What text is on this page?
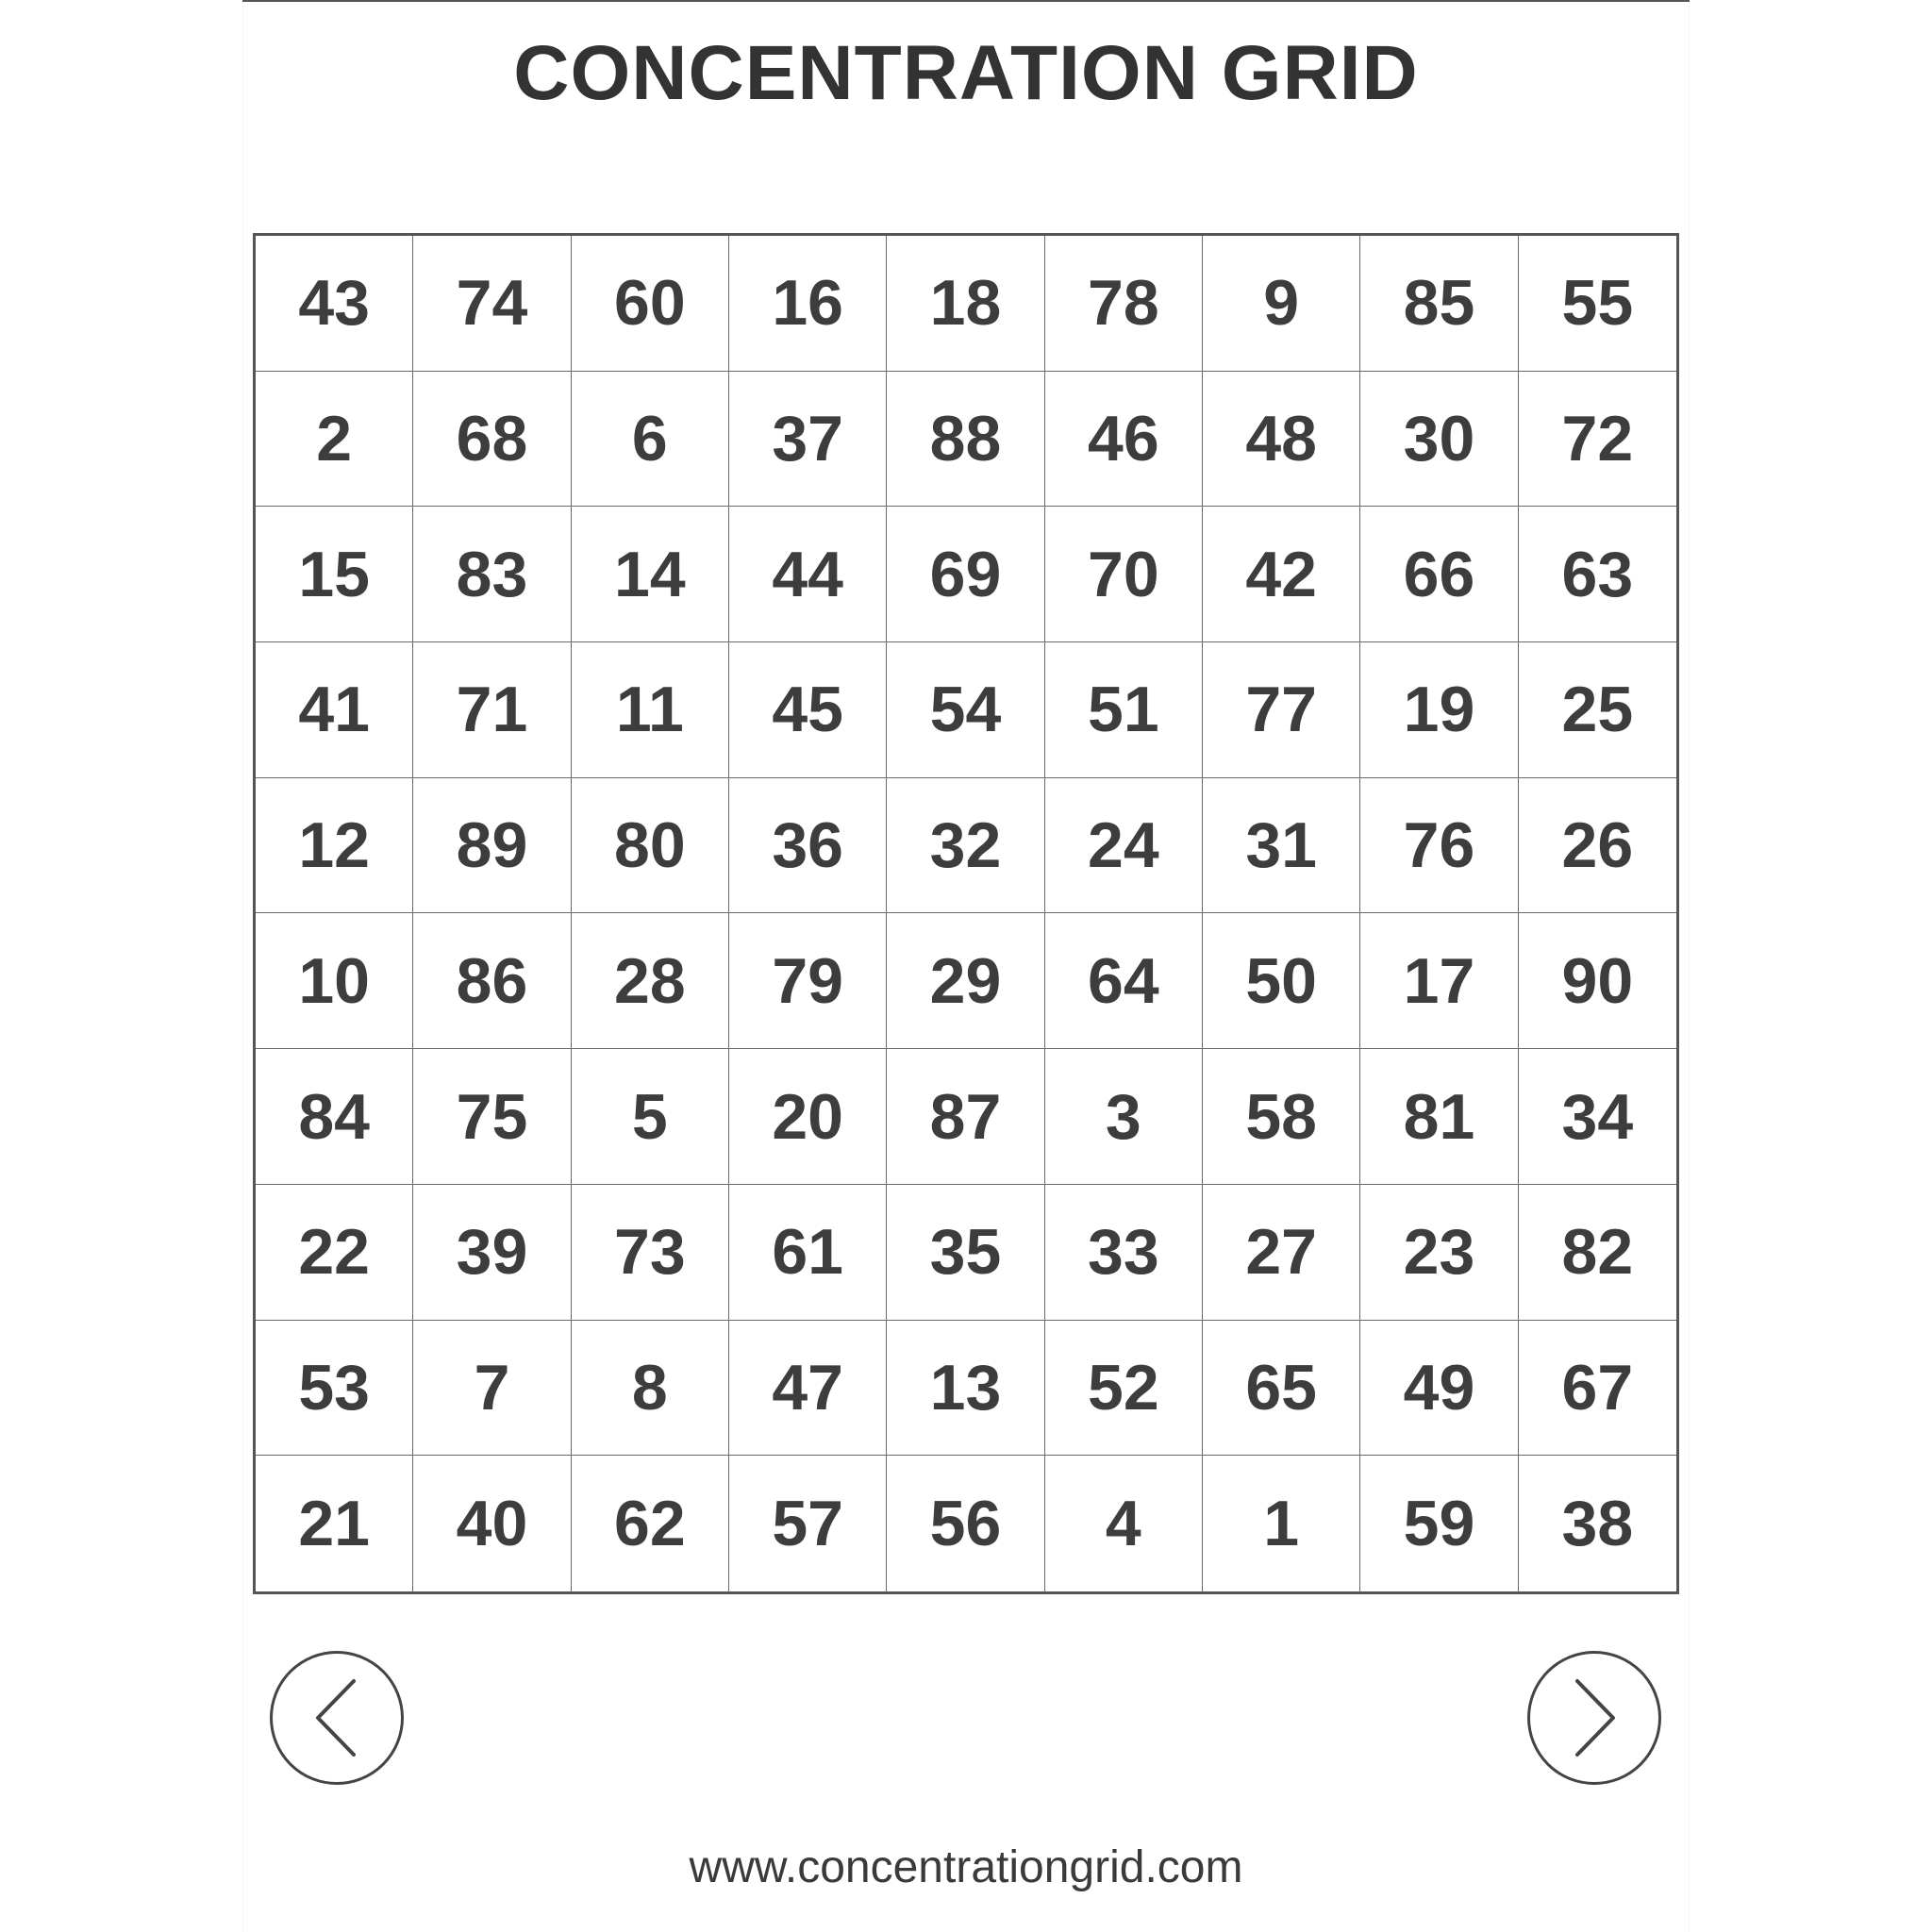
CONCENTRATION GRID
43	74	60	16	18	78	9	85	55
2	68	6	37	88	46	48	30	72
15	83	14	44	69	70	42	66	63
41	71	11	45	54	51	77	19	25
12	89	80	36	32	24	31	76	26
10	86	28	79	29	64	50	17	90
84	75	5	20	87	3	58	81	34
22	39	73	61	35	33	27	23	82
53	7	8	47	13	52	65	49	67
21	40	62	57	56	4	1	59	38
www.concentrationgrid.com
